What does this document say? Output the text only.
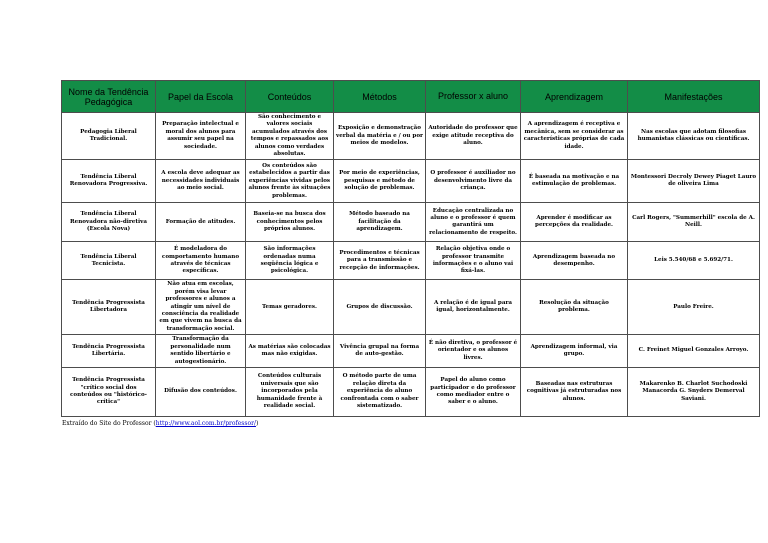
Nome da Tendência Pedagógica	Papel da Escola	Conteúdos	Métodos	Professor x aluno	Aprendizagem	Manifestações
Pedagogia Liberal Tradicional.	Preparação intelectual e moral dos alunos para assumir seu papel na sociedade.	São conhecimento e valores sociais acumulados através dos tempos e repassados aos alunos como verdades absolutas.	Exposição e demonstração verbal da matéria e / ou por meios de modelos.	Autoridade do professor que exige atitude receptiva do aluno.	A aprendizagem é receptiva e mecânica, sem se considerar as características próprias de cada idade.	Nas escolas que adotam filosofias humanistas clássicas ou científicas.
Tendência Liberal Renovadora Progressiva.	A escola deve adequar as necessidades individuais ao meio social.	Os conteúdos são estabelecidos a partir das experiências vividas pelos alunos frente às situações problemas.	Por meio de experiências, pesquisas e método de solução de problemas.	O professor é auxiliador no desenvolvimento livre da criança.	É baseada na motivação e na estimulação de problemas.	Montessori Decroly Dewey Piaget Lauro de oliveira Lima
Tendência Liberal Renovadora não-diretiva (Escola Nova)	Formação de atitudes.	Baseia-se na busca dos conhecimentos pelos próprios alunos.	Método baseado na facilitação da aprendizagem.	Educação centralizada no aluno e o professor é quem garantirá um relacionamento de respeito.	Aprender é modificar as percepções da realidade.	Carl Rogers, "Summerhill" escola de A. Neill.
Tendência Liberal Tecnicista.	É modeladora do comportamento humano através de técnicas específicas.	São informações ordenadas numa seqüência lógica e psicológica.	Procedimentos e técnicas para a transmissão e recepção de informações.	Relação objetiva onde o professor transmite informações e o aluno vai fixá-las.	Aprendizagem baseada no desempenho.	Leis 5.540/68 e 5.692/71.
Tendência Progressista Libertadora	Não atua em escolas, porém visa levar professores e alunos a atingir um nível de consciência da realidade em que vivem na busca da transformação social.	Temas geradores.	Grupos de discussão.	A relação é de igual para igual, horizontalmente.	Resolução da situação problema.	Paulo Freire.
Tendência Progressista Libertária.	Transformação da personalidade num sentido libertário e autogestionário.	As matérias são colocadas mas não exigidas.	Vivência grupal na forma de auto-gestão.	É não diretiva, o professor é orientador e os alunos livres.	Aprendizagem informal, via grupo.	C. Freinet Miguel Gonzales Arroyo.
Tendência Progressista "crítico social dos conteúdos ou "histórico-crítica"	Difusão dos conteúdos.	Conteúdos culturais universais que são incorporados pela humanidade frente à realidade social.	O método parte de uma relação direta da experiência do aluno confrontada com o saber sistematizado.	Papel do aluno como participador e do professor como mediador entre o saber e o aluno.	Baseadas nas estruturas cognitivas já estruturadas nos alunos.	Makarenko B. Charlot Suchodoski Manacorda G. Snyders Demerval Saviani.
Extraído do Site do Professor (http://www.aol.com.br/professor/)
